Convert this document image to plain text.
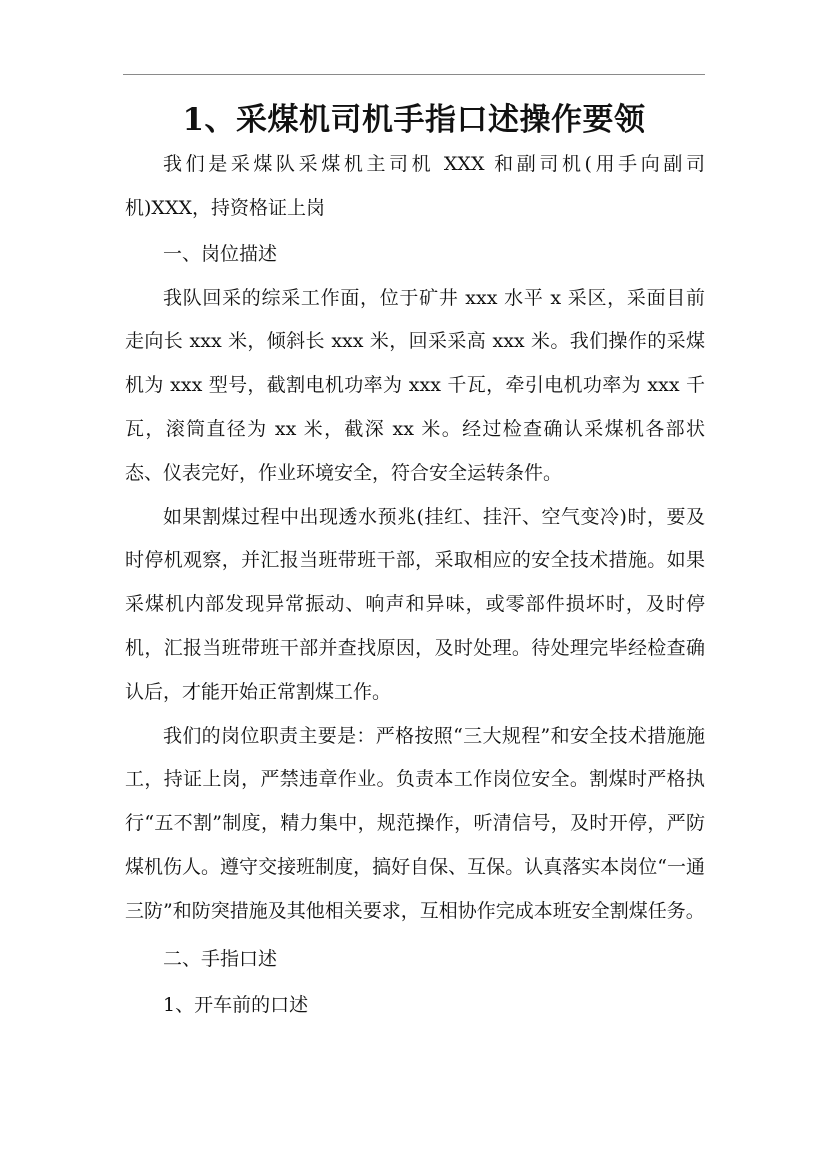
1、采煤机司机手指口述操作要领

我们是采煤队采煤机主司机 XXX 和副司机(用手向副司机)XXX，持资格证上岗

一、岗位描述

我队回采的综采工作面，位于矿井 xxx 水平 x 采区，采面目前走向长 xxx 米，倾斜长 xxx 米，回采采高 xxx 米。我们操作的采煤机为 xxx 型号，截割电机功率为 xxx 千瓦，牵引电机功率为 xxx 千瓦，滚筒直径为 xx 米，截深 xx 米。经过检查确认采煤机各部状态、仪表完好，作业环境安全，符合安全运转条件。

如果割煤过程中出现透水预兆(挂红、挂汗、空气变冷)时，要及时停机观察，并汇报当班带班干部，采取相应的安全技术措施。如果采煤机内部发现异常振动、响声和异味，或零部件损坏时，及时停机，汇报当班带班干部并查找原因，及时处理。待处理完毕经检查确认后，才能开始正常割煤工作。

我们的岗位职责主要是：严格按照“三大规程”和安全技术措施施工，持证上岗，严禁违章作业。负责本工作岗位安全。割煤时严格执行“五不割”制度，精力集中，规范操作，听清信号，及时开停，严防煤机伤人。遵守交接班制度，搞好自保、互保。认真落实本岗位“一通三防”和防突措施及其他相关要求，互相协作完成本班安全割煤任务。

二、手指口述

1、开车前的口述
